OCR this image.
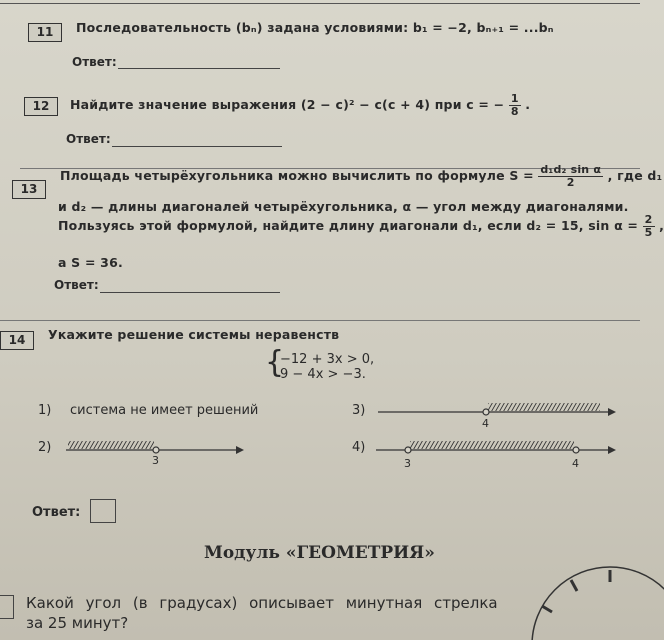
11	Последовательность (bₙ) задана условиями: b₁ = −2, bₙ₊₁ = ...bₙ
Ответ:
12	Найдите значение выражения (2 − c)² − c(c + 4) при c = − $\frac{1}{8}$ .
Ответ:
13
Площадь четырёхугольника можно вычислить по формуле $S = \frac{\text{d₁d₂ sin α}}{2}$ , где d₁
и d₂ — длины диагоналей четырёхугольника, α — угол между диагоналями.
Пользуясь этой формулой, найдите длину диагонали d₁, если d₂ = 15, $\sin \alpha = \frac{2}{5}$ ,
а S = 36.
Ответ:
14	Укажите решение системы неравенств
{
−12 + 3x > 0,
9 − 4x > −3.
1) система не имеет решений	3)
2)	4)
4
3	3	4
Ответ:
Модуль «ГЕОМЕТРИЯ»
Какой угол (в градусах) описывает минутная стрелка
за 25 минут?
